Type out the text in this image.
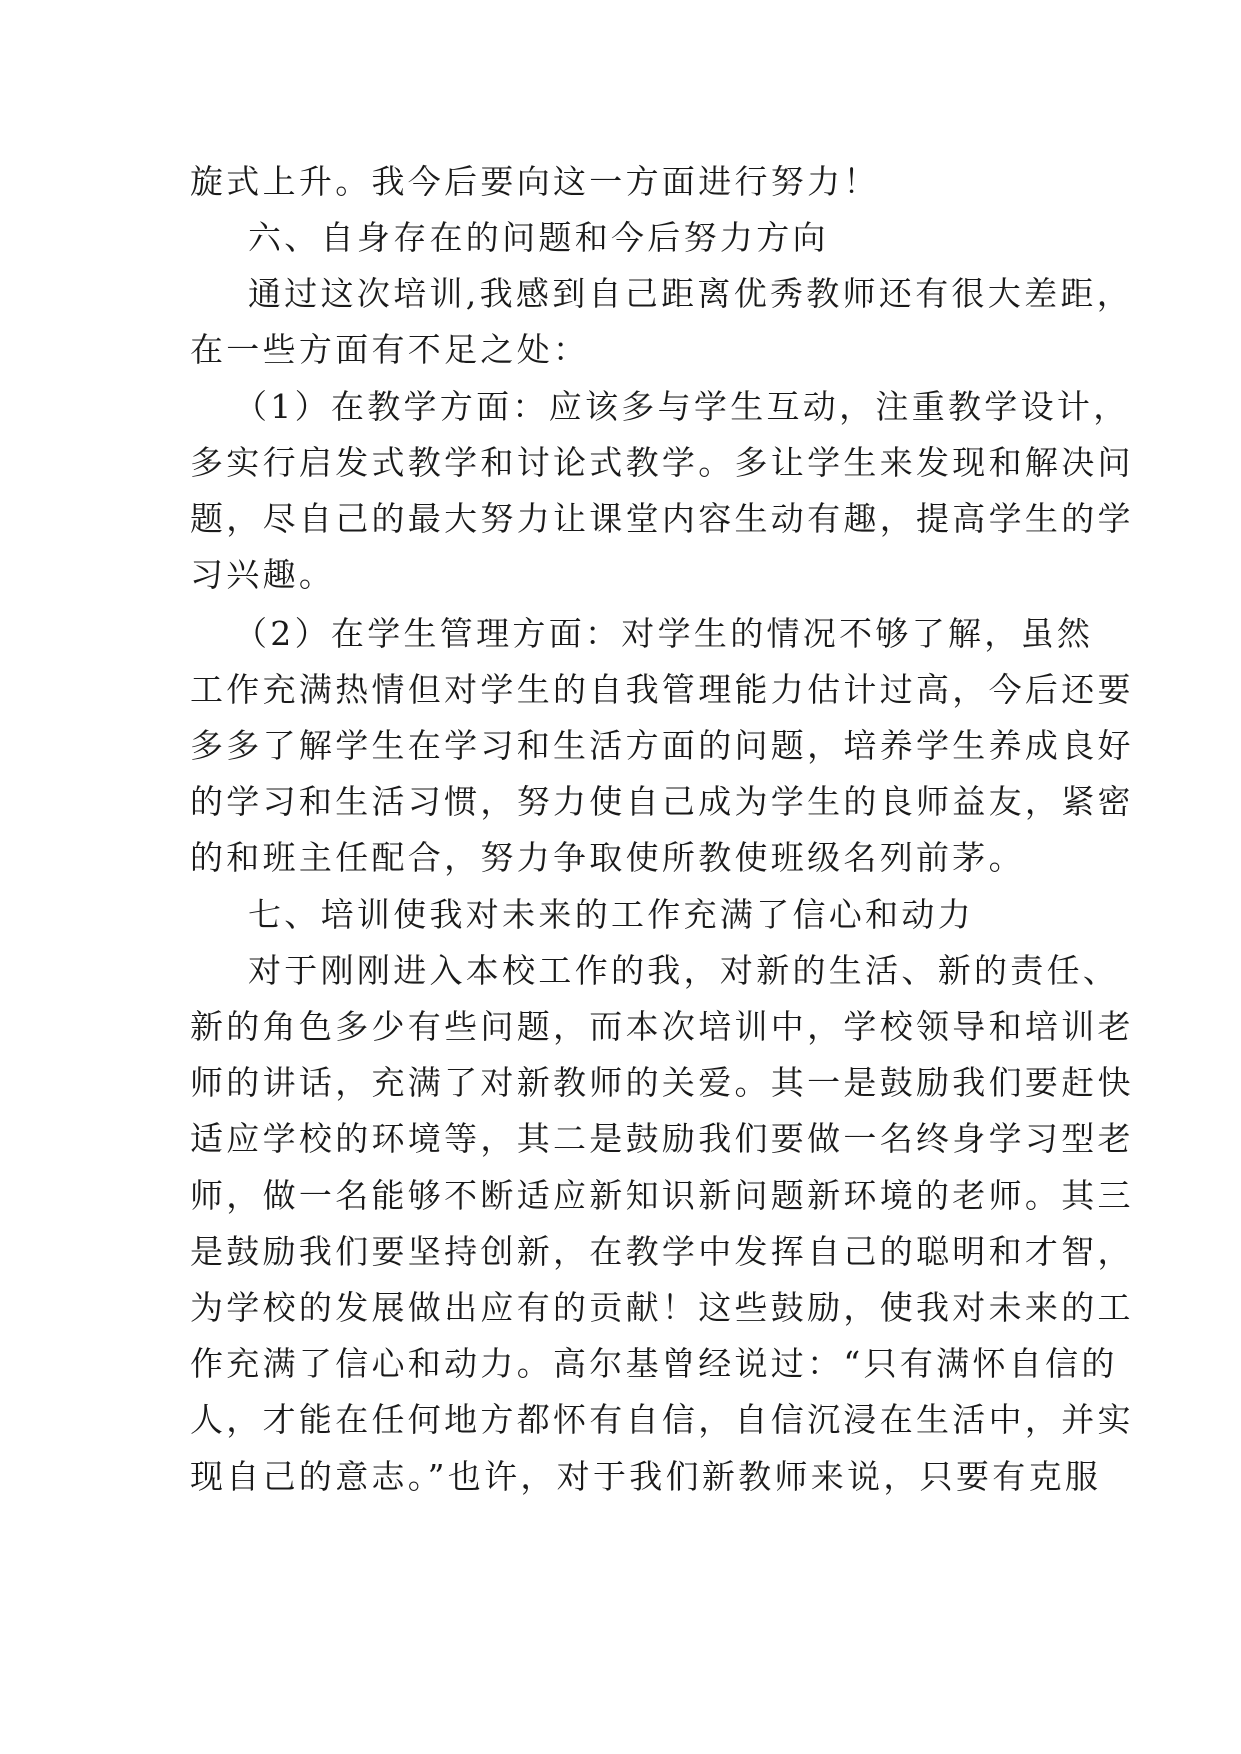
旋式上升。我今后要向这一方面进行努力！
六、自身存在的问题和今后努力方向
通过这次培训,我感到自己距离优秀教师还有很大差距，
在一些方面有不足之处：
（1）在教学方面：应该多与学生互动，注重教学设计，
多实行启发式教学和讨论式教学。多让学生来发现和解决问
题，尽自己的最大努力让课堂内容生动有趣，提高学生的学
习兴趣。
（2）在学生管理方面：对学生的情况不够了解，虽然
工作充满热情但对学生的自我管理能力估计过高，今后还要
多多了解学生在学习和生活方面的问题，培养学生养成良好
的学习和生活习惯，努力使自己成为学生的良师益友，紧密
的和班主任配合，努力争取使所教使班级名列前茅。
七、培训使我对未来的工作充满了信心和动力
对于刚刚进入本校工作的我，对新的生活、新的责任、
新的角色多少有些问题，而本次培训中，学校领导和培训老
师的讲话，充满了对新教师的关爱。其一是鼓励我们要赶快
适应学校的环境等，其二是鼓励我们要做一名终身学习型老
师，做一名能够不断适应新知识新问题新环境的老师。其三
是鼓励我们要坚持创新，在教学中发挥自己的聪明和才智，
为学校的发展做出应有的贡献！这些鼓励，使我对未来的工
作充满了信心和动力。高尔基曾经说过：“只有满怀自信的
人，才能在任何地方都怀有自信，自信沉浸在生活中，并实
现自己的意志。”也许，对于我们新教师来说，只要有克服
